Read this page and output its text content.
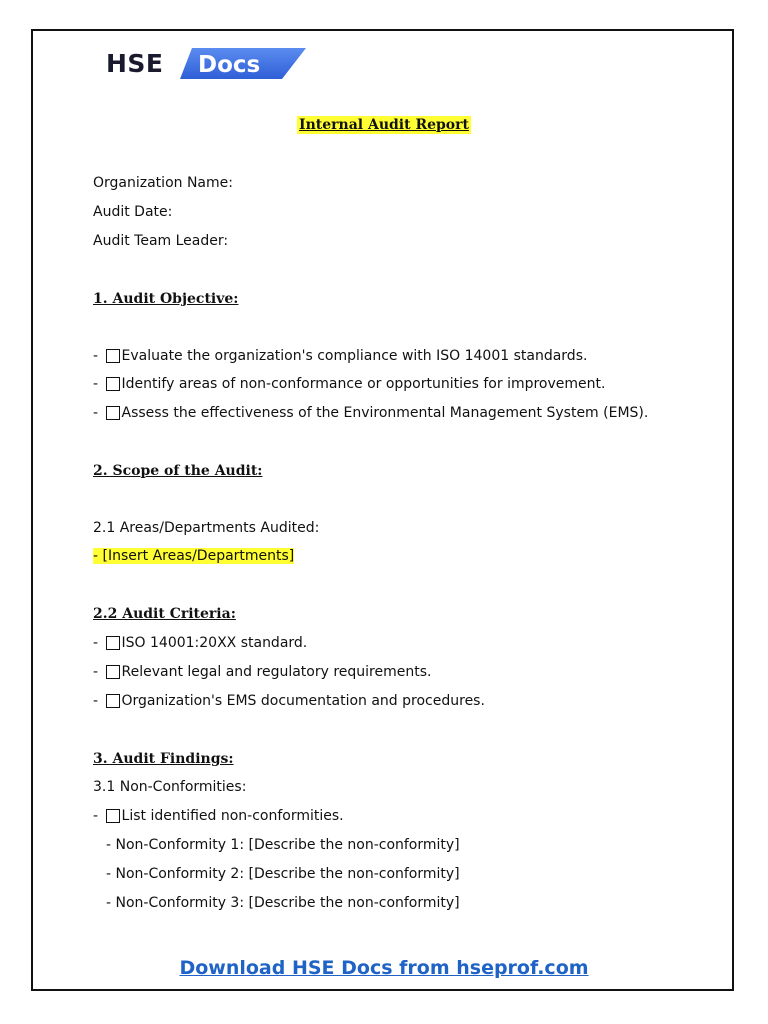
HSE Docs
Internal Audit Report
Organization Name:
Audit Date:
Audit Team Leader:
1. Audit Objective:
- Evaluate the organization's compliance with ISO 14001 standards.
- Identify areas of non-conformance or opportunities for improvement.
- Assess the effectiveness of the Environmental Management System (EMS).
2. Scope of the Audit:
2.1 Areas/Departments Audited:
- [Insert Areas/Departments]
2.2 Audit Criteria:
- ISO 14001:20XX standard.
- Relevant legal and regulatory requirements.
- Organization's EMS documentation and procedures.
3. Audit Findings:
3.1 Non-Conformities:
- List identified non-conformities.
- Non-Conformity 1: [Describe the non-conformity]
- Non-Conformity 2: [Describe the non-conformity]
- Non-Conformity 3: [Describe the non-conformity]
Download HSE Docs from hseprof.com
